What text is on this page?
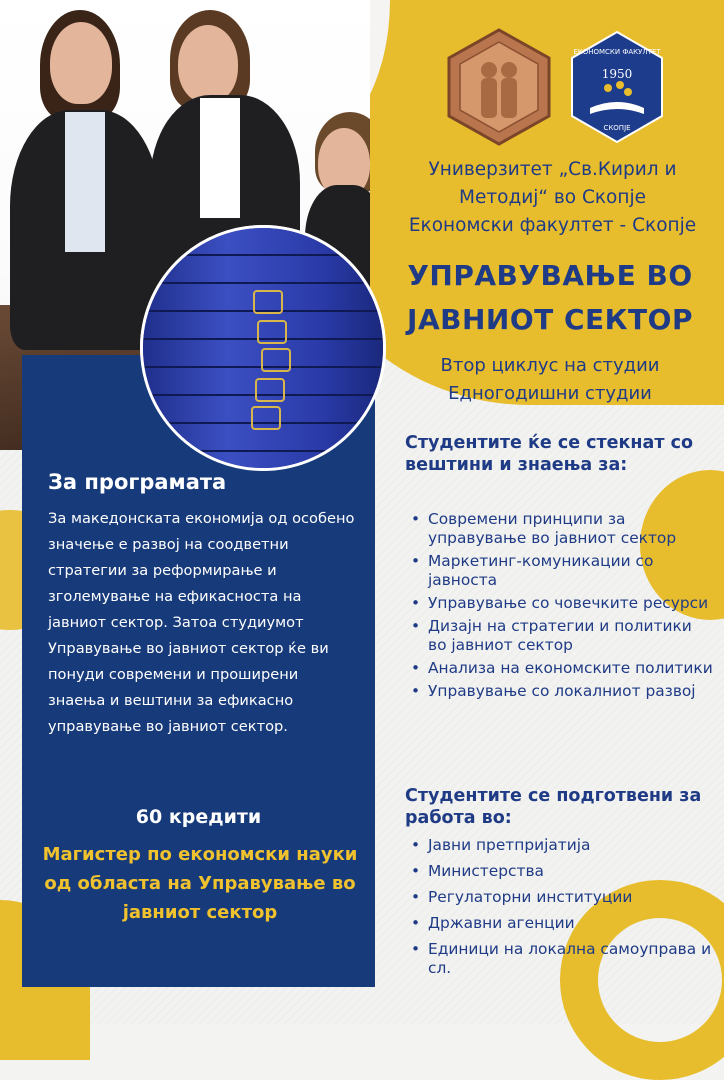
ЕКОНОМСКИ ФАКУЛТЕТ
1950
СКОПЈЕ
Универзитет „Св.Кирил и
Методиј“ во Скопје
Економски факултет - Скопје
УПРАВУВАЊЕ ВО
ЈАВНИОТ СЕКТОР
Втор циклус на студии
Едногодишни студии
За програмата
За македонската економија од особено значење е развој на соодветни стратегии за реформирање и зголемување на ефикасноста на јавниот сектор. Затоа студиумот Управување во јавниот сектор ќе ви понуди современи и проширени знаења и вештини за ефикасно управување во јавниот сектор.
60 кредити
Магистер по економски науки од областа на Управување во јавниот сектор
Студентите ќе се стекнат со вештини и знаења за:
• Современи принципи за управување во јавниот сектор
• Маркетинг-комуникации со јавноста
• Управување со човечките ресурси
• Дизајн на стратегии и политики во јавниот сектор
• Анализа на економските политики
• Управување со локалниот развој
Студентите се подготвени за работа во:
• Јавни претпријатија
• Министерства
• Регулаторни институции
• Државни агенции
• Единици на локална самоуправа и сл.
